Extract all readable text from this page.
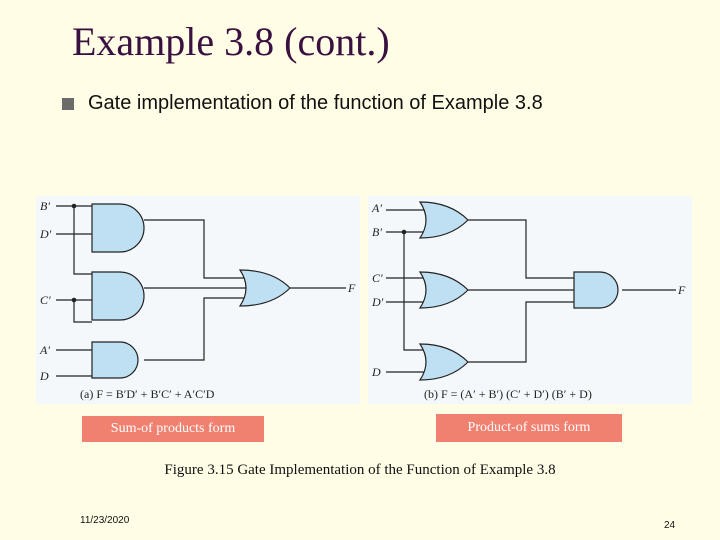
Example 3.8 (cont.)
Gate implementation of the function of Example 3.8
B′
D′
C′
A′
D
F
(a) F = B′D′ + B′C′ + A′C′D
A′
B′
C′
D′
D
F
(b) F = (A′ + B′) (C′ + D′) (B′ + D)
Sum-of products form	Product-of sums form
Figure 3.15 Gate Implementation of the Function of Example 3.8
11/23/2020	24
